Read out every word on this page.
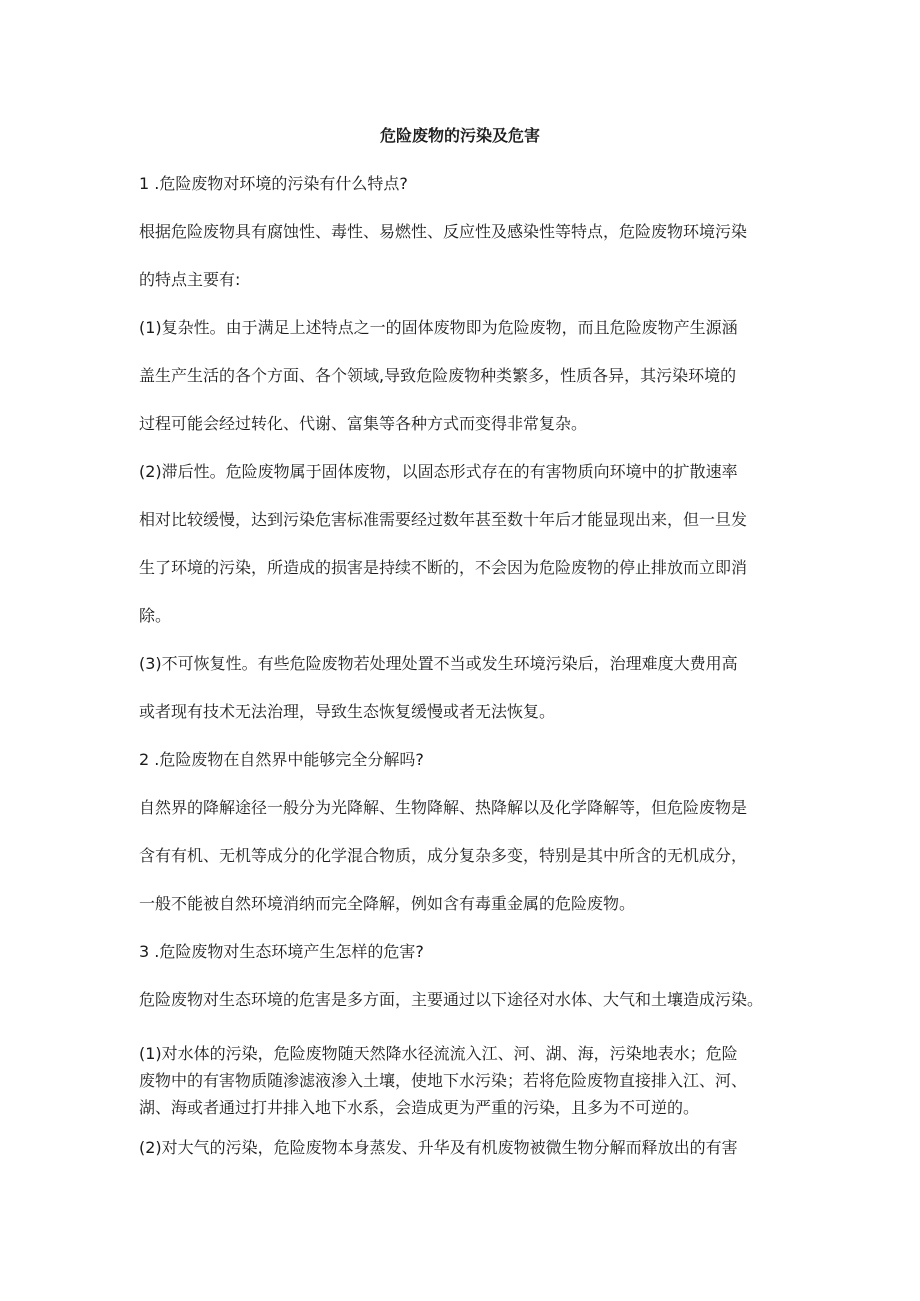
危险废物的污染及危害

1 .危险废物对环境的污染有什么特点?

根据危险废物具有腐蚀性、毒性、易燃性、反应性及感染性等特点，危险废物环境污染

的特点主要有:

(1)复杂性。由于满足上述特点之一的固体废物即为危险废物，而且危险废物产生源涵

盖生产生活的各个方面、各个领域,导致危险废物种类繁多，性质各异，其污染环境的

过程可能会经过转化、代谢、富集等各种方式而变得非常复杂。

(2)滞后性。危险废物属于固体废物，以固态形式存在的有害物质向环境中的扩散速率

相对比较缓慢，达到污染危害标准需要经过数年甚至数十年后才能显现出来，但一旦发

生了环境的污染，所造成的损害是持续不断的，不会因为危险废物的停止排放而立即消

除。

(3)不可恢复性。有些危险废物若处理处置不当或发生环境污染后，治理难度大费用高

或者现有技术无法治理，导致生态恢复缓慢或者无法恢复。

2 .危险废物在自然界中能够完全分解吗?

自然界的降解途径一般分为光降解、生物降解、热降解以及化学降解等，但危险废物是

含有有机、无机等成分的化学混合物质，成分复杂多变，特别是其中所含的无机成分，

一般不能被自然环境消纳而完全降解，例如含有毒重金属的危险废物。

3 .危险废物对生态环境产生怎样的危害?

危险废物对生态环境的危害是多方面，主要通过以下途径对水体、大气和土壤造成污染。

(1)对水体的污染，危险废物随天然降水径流流入江、河、湖、海，污染地表水；危险

废物中的有害物质随渗滤液渗入土壤，使地下水污染；若将危险废物直接排入江、河、

湖、海或者通过打井排入地下水系，会造成更为严重的污染，且多为不可逆的。

(2)对大气的污染，危险废物本身蒸发、升华及有机废物被微生物分解而释放出的有害
